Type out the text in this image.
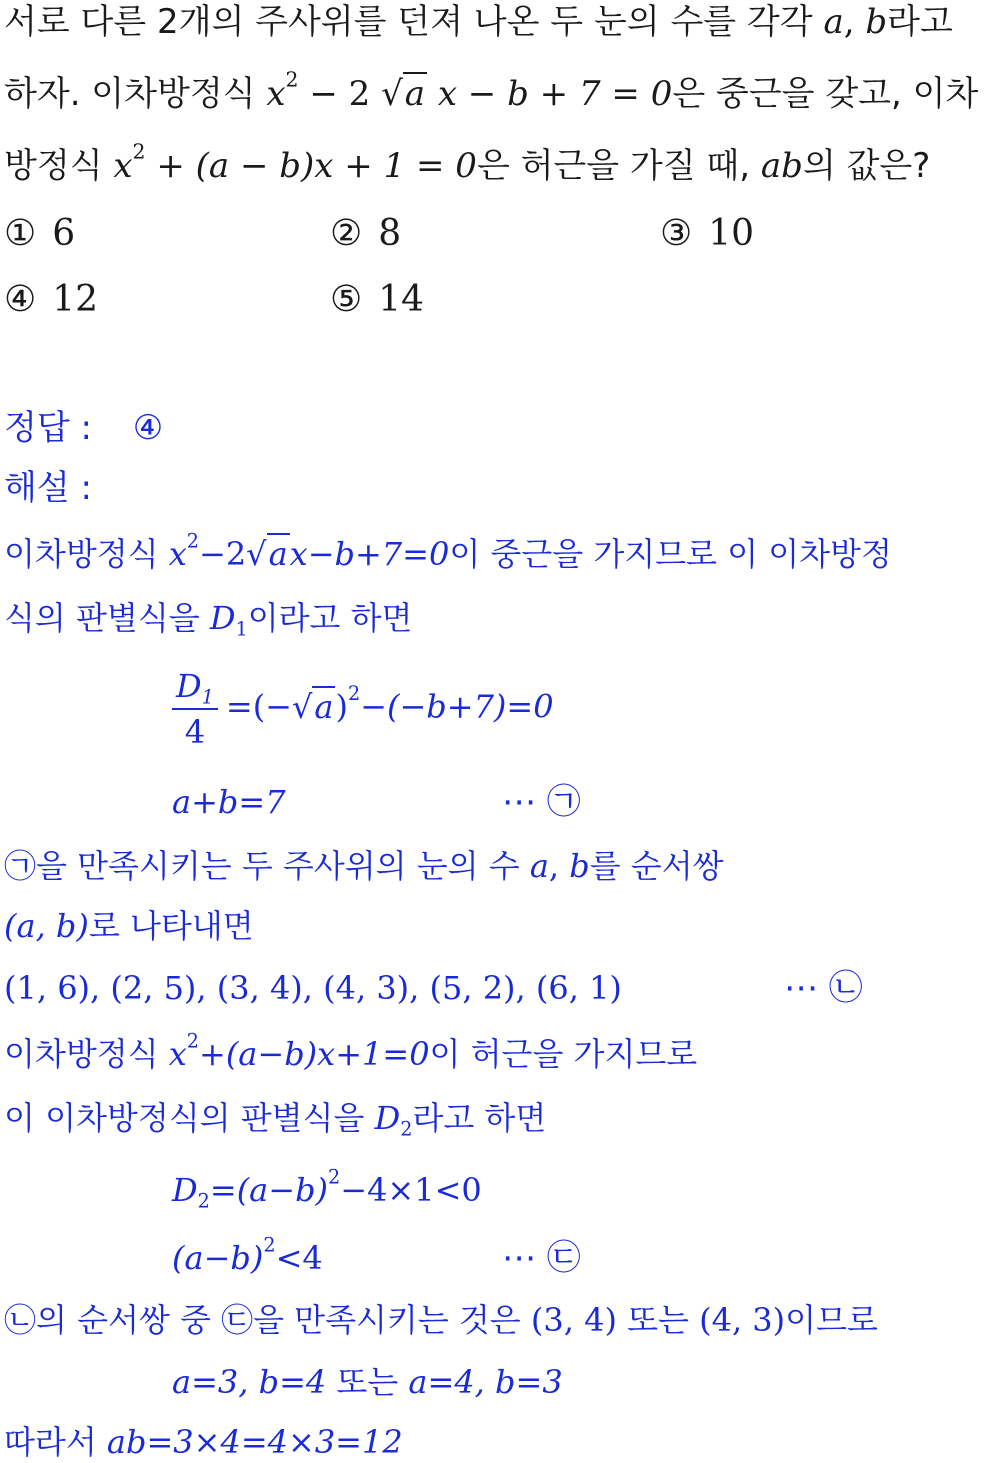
서로 다른 2개의 주사위를 던져 나온 두 눈의 수를 각각 a, b라고
하자. 이차방정식 $x^2 - 2$ √a x − b + 7 = 0은 중근을 갖고, 이차
방정식 $x^2 + (a - b)x + 1 = 0$은 허근을 가질 때, ab의 값은?
① 6	② 8	③ 10
④ 12	⑤ 14
정답 : ④
해설 :
이차방정식 $x^2-2√ax-b+7=0$이 중근을 가지므로 이 이차방정
식의 판별식을 $D_1$이라고 하면
$\frac{D_1}{4} =(-√a)^2-(-b+7)=0$
a+b=7	⋯ ㉠
㉠을 만족시키는 두 주사위의 눈의 수 a, b를 순서쌍
(a, b)로 나타내면
(1, 6), (2, 5), (3, 4), (4, 3), (5, 2), (6, 1)	⋯ ㉡
이차방정식 $x^2+(a-b)x+1=0$이 허근을 가지므로
이 이차방정식의 판별식을 $D_2$라고 하면
$D_2=(a-b)^2-4\times 1<0$
$(a-b)^2<4$	⋯ ㉢
㉡의 순서쌍 중 ㉢을 만족시키는 것은 (3, 4) 또는 (4, 3)이므로
a=3, b=4 또는 a=4, b=3
따라서 ab=3×4=4×3=12
